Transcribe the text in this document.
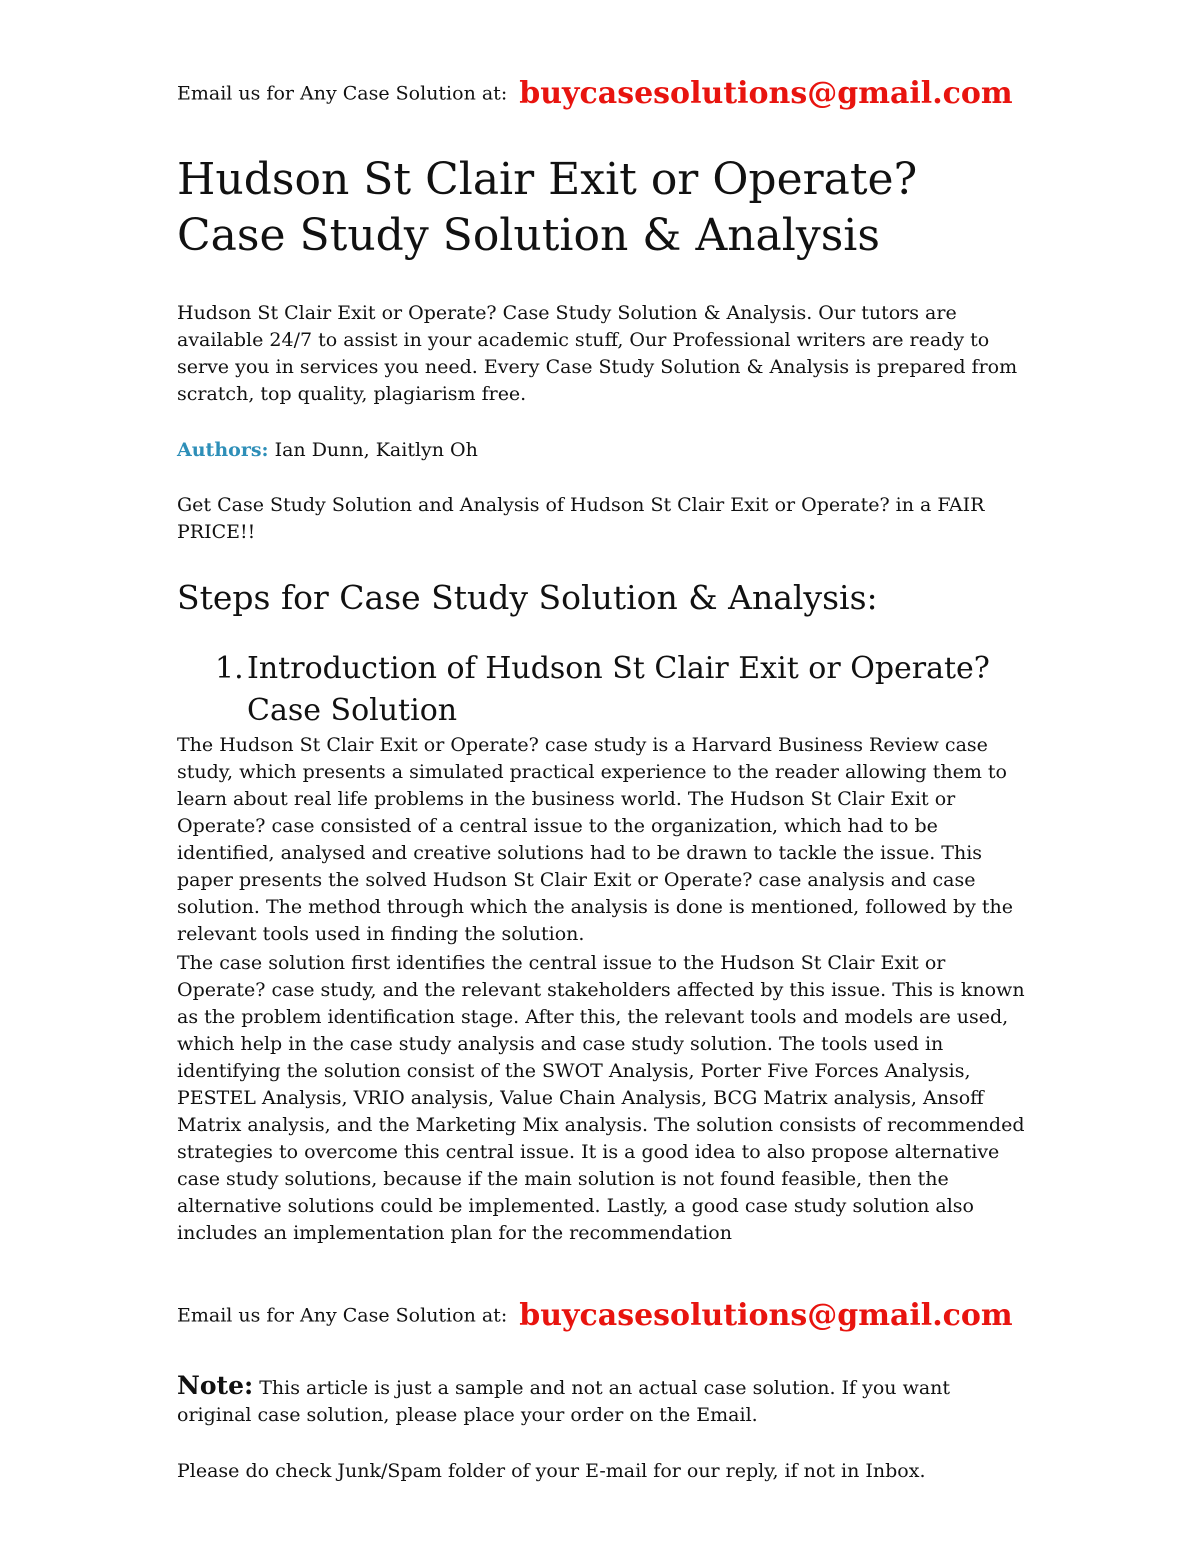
Email us for Any Case Solution at: buycasesolutions@gmail.com
Hudson St Clair Exit or Operate?
Case Study Solution & Analysis

Hudson St Clair Exit or Operate? Case Study Solution & Analysis. Our tutors are available 24/7 to assist in your academic stuff, Our Professional writers are ready to serve you in services you need. Every Case Study Solution & Analysis is prepared from scratch, top quality, plagiarism free.

Authors: Ian Dunn, Kaitlyn Oh

Get Case Study Solution and Analysis of Hudson St Clair Exit or Operate? in a FAIR PRICE!!

Steps for Case Study Solution & Analysis:
1. Introduction of Hudson St Clair Exit or Operate?
Case Solution

The Hudson St Clair Exit or Operate? case study is a Harvard Business Review case study, which presents a simulated practical experience to the reader allowing them to learn about real life problems in the business world. The Hudson St Clair Exit or Operate? case consisted of a central issue to the organization, which had to be identified, analysed and creative solutions had to be drawn to tackle the issue. This paper presents the solved Hudson St Clair Exit or Operate? case analysis and case solution. The method through which the analysis is done is mentioned, followed by the relevant tools used in finding the solution.

The case solution first identifies the central issue to the Hudson St Clair Exit or Operate? case study, and the relevant stakeholders affected by this issue. This is known as the problem identification stage. After this, the relevant tools and models are used, which help in the case study analysis and case study solution. The tools used in identifying the solution consist of the SWOT Analysis, Porter Five Forces Analysis, PESTEL Analysis, VRIO analysis, Value Chain Analysis, BCG Matrix analysis, Ansoff Matrix analysis, and the Marketing Mix analysis. The solution consists of recommended strategies to overcome this central issue. It is a good idea to also propose alternative case study solutions, because if the main solution is not found feasible, then the alternative solutions could be implemented. Lastly, a good case study solution also includes an implementation plan for the recommendation

Email us for Any Case Solution at: buycasesolutions@gmail.com

Note: This article is just a sample and not an actual case solution. If you want original case solution, please place your order on the Email.

Please do check Junk/Spam folder of your E-mail for our reply, if not in Inbox.
